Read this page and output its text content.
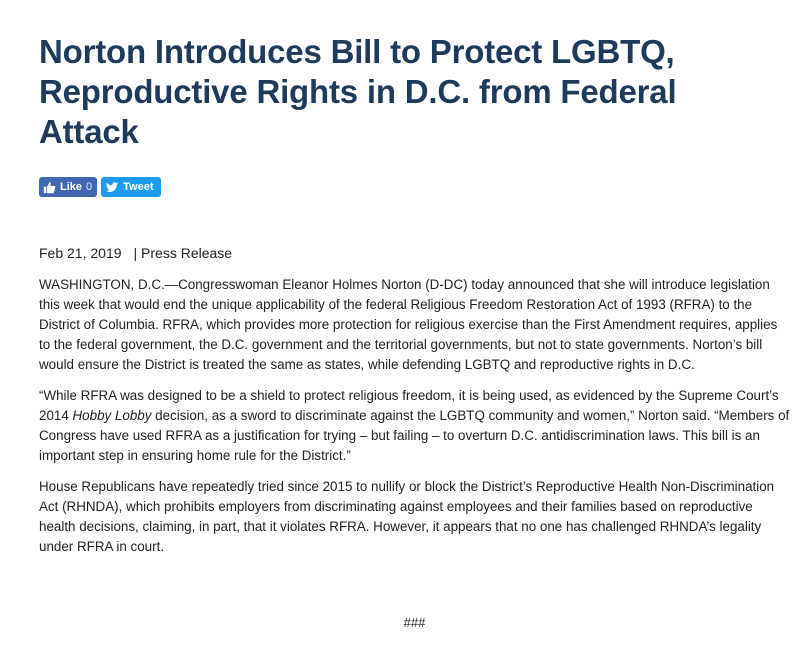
Norton Introduces Bill to Protect LGBTQ, Reproductive Rights in D.C. from Federal Attack
Like 0	Tweet
Feb 21, 2019 | Press Release

WASHINGTON, D.C.—Congresswoman Eleanor Holmes Norton (D-DC) today announced that she will introduce legislation this week that would end the unique applicability of the federal Religious Freedom Restoration Act of 1993 (RFRA) to the District of Columbia. RFRA, which provides more protection for religious exercise than the First Amendment requires, applies to the federal government, the D.C. government and the territorial governments, but not to state governments. Norton’s bill would ensure the District is treated the same as states, while defending LGBTQ and reproductive rights in D.C.

“While RFRA was designed to be a shield to protect religious freedom, it is being used, as evidenced by the Supreme Court’s 2014 Hobby Lobby decision, as a sword to discriminate against the LGBTQ community and women,” Norton said. “Members of Congress have used RFRA as a justification for trying – but failing – to overturn D.C. antidiscrimination laws. This bill is an important step in ensuring home rule for the District.”

House Republicans have repeatedly tried since 2015 to nullify or block the District’s Reproductive Health Non-Discrimination Act (RHNDA), which prohibits employers from discriminating against employees and their families based on reproductive health decisions, claiming, in part, that it violates RFRA. However, it appears that no one has challenged RHNDA’s legality under RFRA in court.

###
